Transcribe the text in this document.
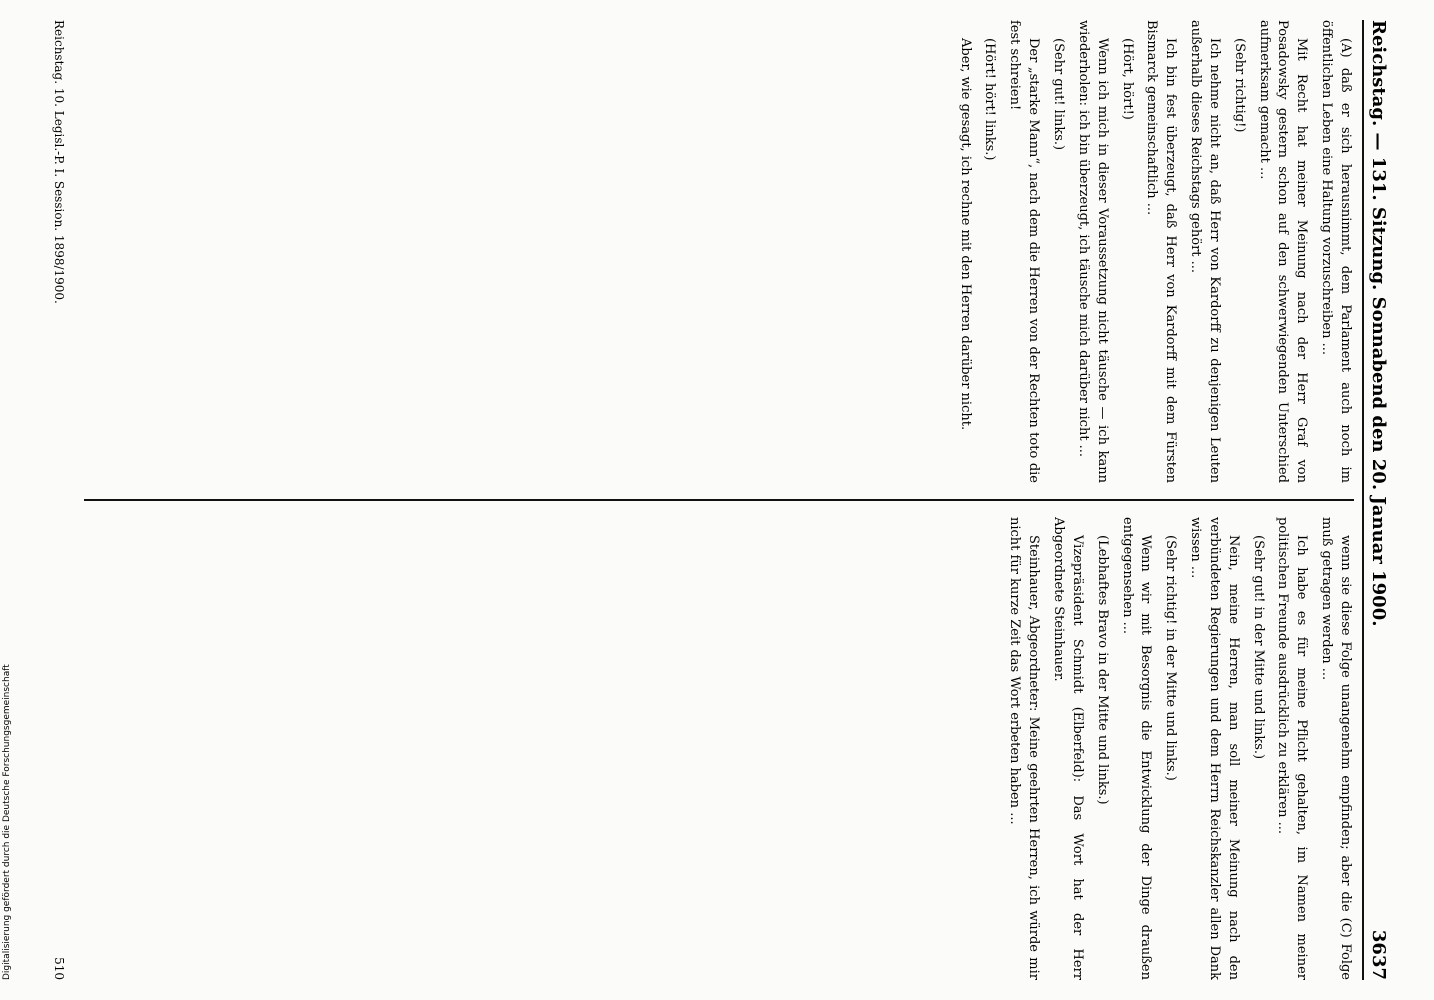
Reichstag. — 131. Sitzung. Sonnabend den 20. Januar 1900.
3637

(A) daß er sich herausnimmt, dem Parlament auch noch im öffentlichen Leben eine Haltung vorzuschreiben ...

Mit Recht hat meiner Meinung nach der Herr Graf von Posadowsky gestern schon auf den schwerwiegenden Unterschied aufmerksam gemacht ...

(Sehr richtig!)

Ich nehme nicht an, daß Herr von Kardorff zu denjenigen Leuten außerhalb dieses Reichstags gehört ...

Ich bin fest überzeugt, daß Herr von Kardorff mit dem Fürsten Bismarck gemeinschaftlich ...

(Hört, hört!)

Wenn ich mich in dieser Voraussetzung nicht täusche — ich kann wiederholen: ich bin überzeugt, ich täusche mich darüber nicht ...

(Sehr gut! links.)

Der „starke Mann“, nach dem die Herren von der Rechten toto die fest schreien!

(Hört! hört! links.)

Aber, wie gesagt, ich rechne mit den Herren darüber nicht.

wenn sie diese Folge unangenehm empfinden; aber die (C) Folge muß getragen werden ...

Ich habe es für meine Pflicht gehalten, im Namen meiner politischen Freunde ausdrücklich zu erklären ...

(Sehr gut! in der Mitte und links.)

Nein, meine Herren, man soll meiner Meinung nach den verbündeten Regierungen und dem Herrn Reichskanzler allen Dank wissen ...

(Sehr richtig! in der Mitte und links.)

Wenn wir mit Besorgnis die Entwicklung der Dinge draußen entgegensehen ...

(Lebhaftes Bravo in der Mitte und links.)

Vizepräsident Schmidt (Elberfeld): Das Wort hat der Herr Abgeordnete Steinhauer.

Steinhauer, Abgeordneter: Meine geehrten Herren, ich würde mir nicht für kurze Zeit das Wort erbeten haben ...

Reichstag. 10. Legisl.-P. I. Session. 1898/1900.
510
Digitalisierung gefördert durch die Deutsche Forschungsgemeinschaft
